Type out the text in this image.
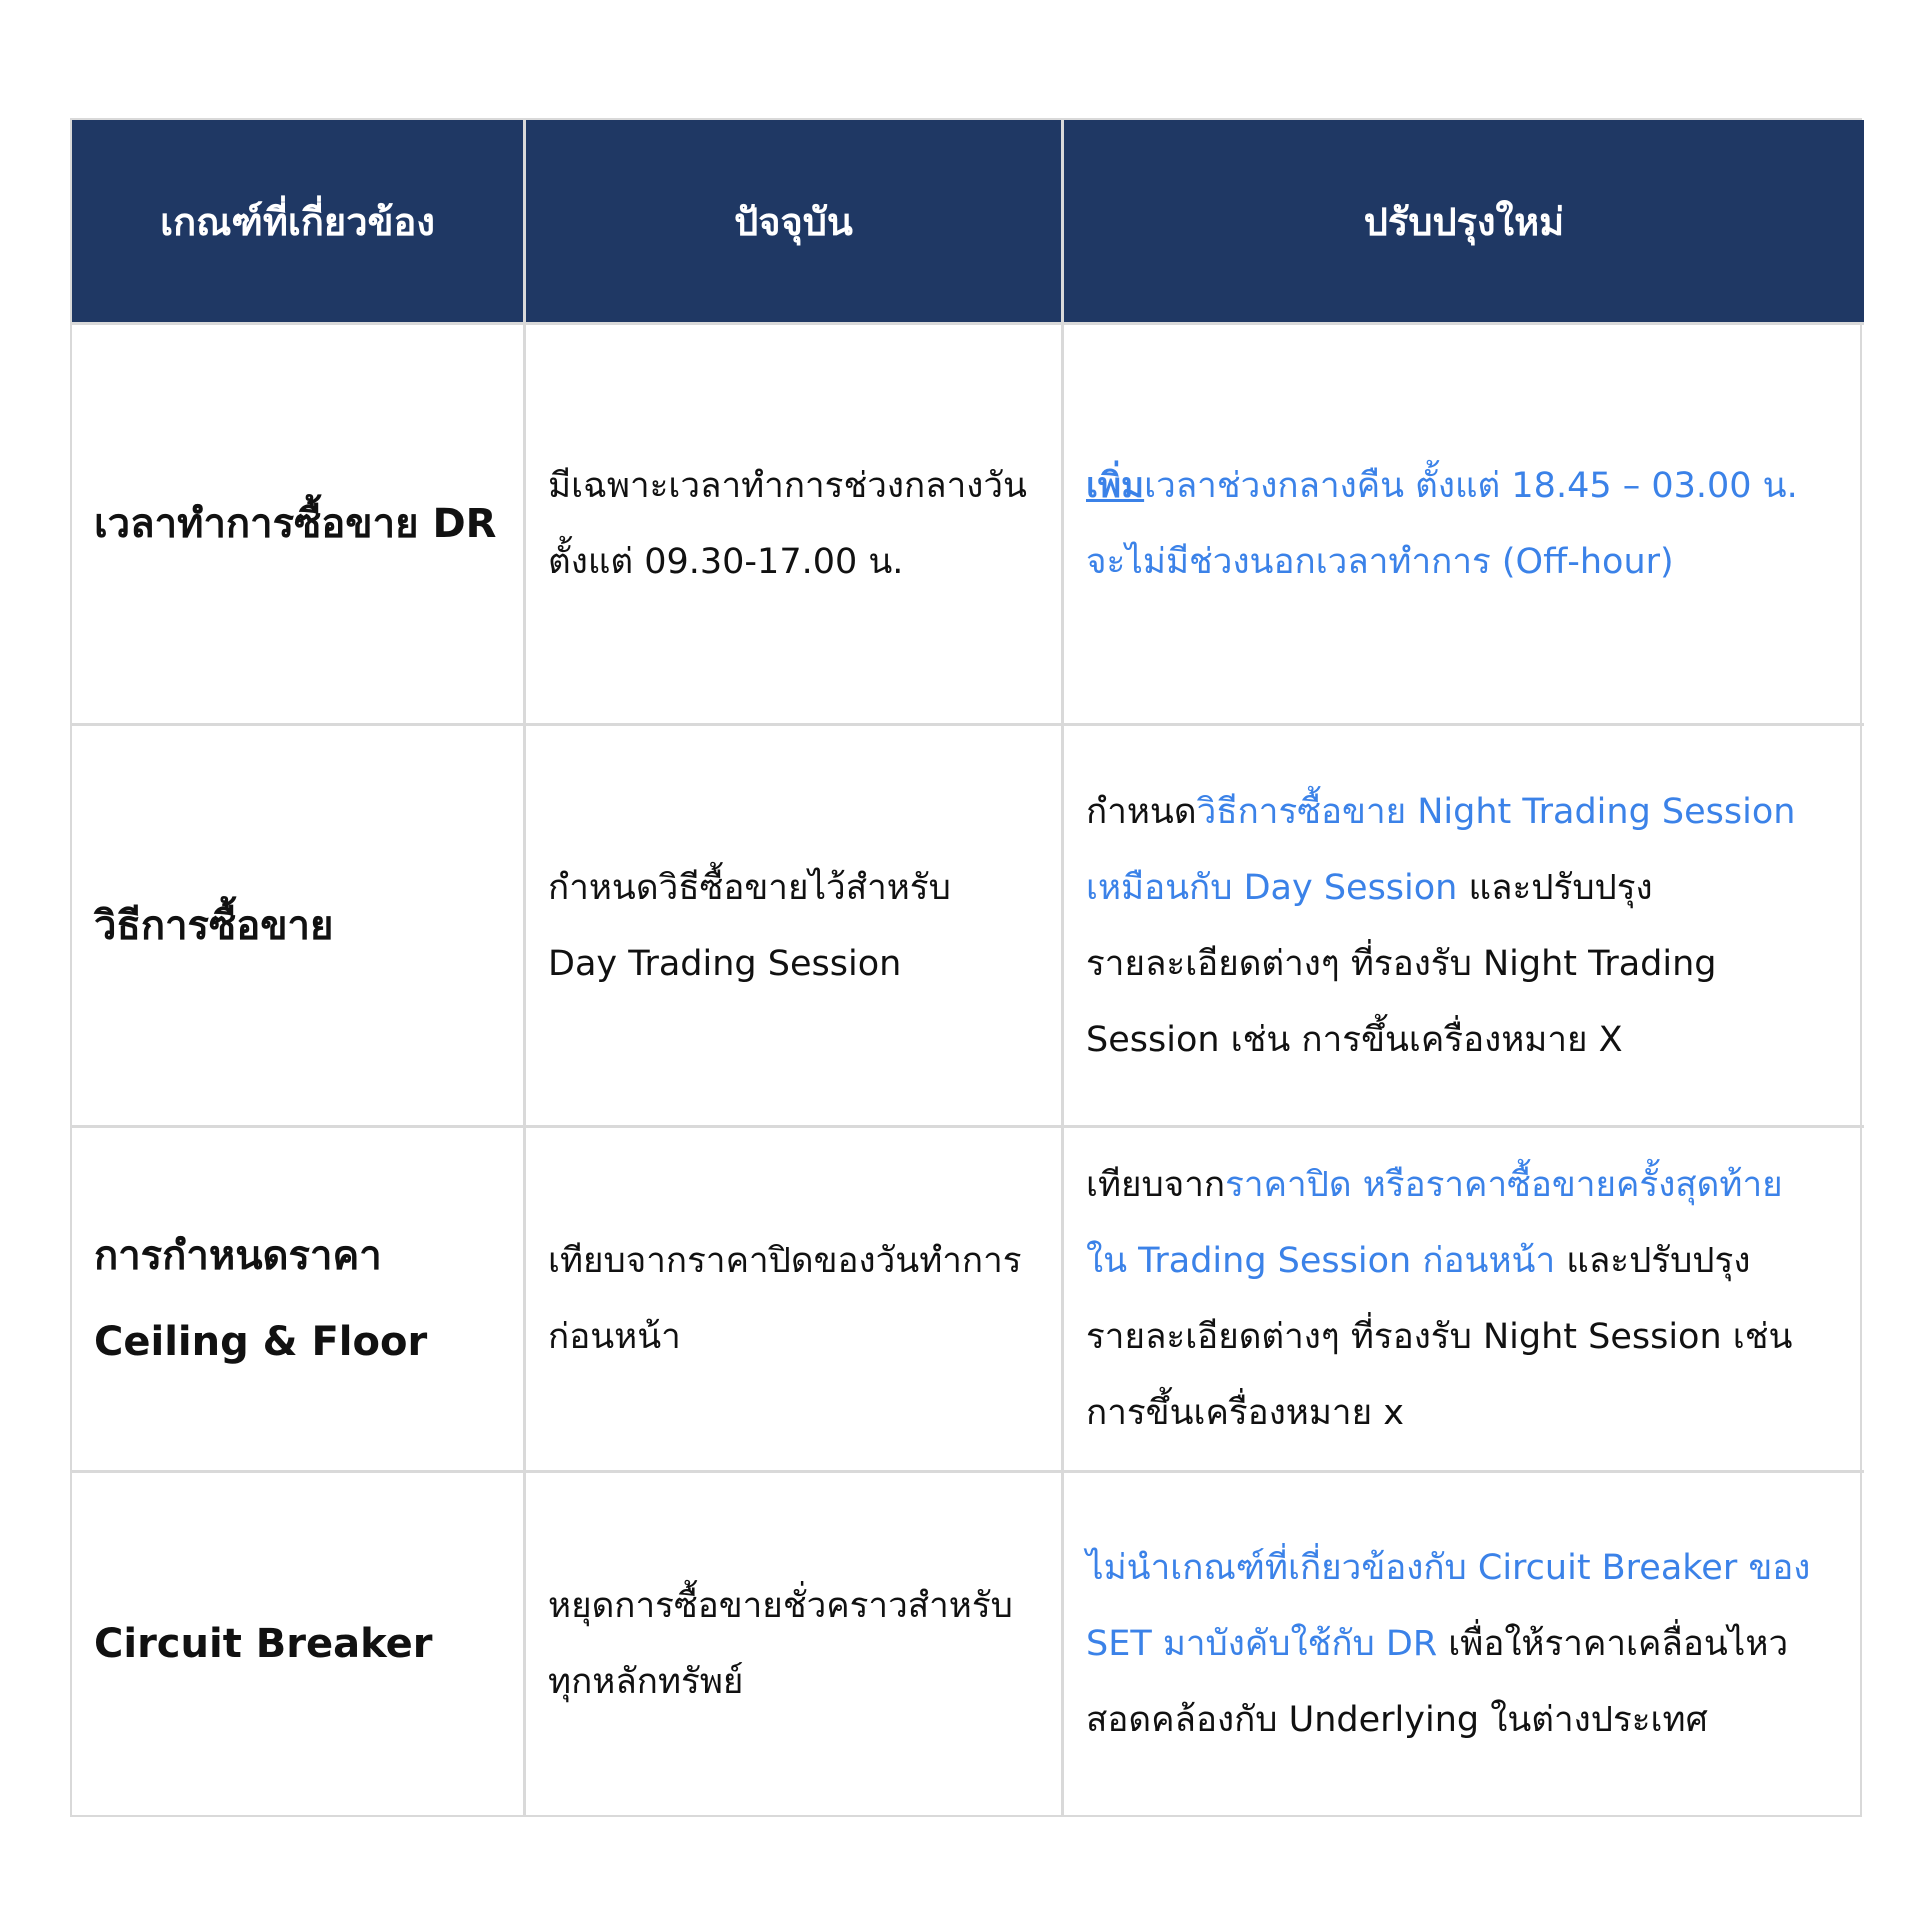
เกณฑ์ที่เกี่ยวข้อง	ปัจจุบัน	ปรับปรุงใหม่
เวลาทำการซื้อขาย DR
มีเฉพาะเวลาทำการช่วงกลางวัน
ตั้งแต่ 09.30-17.00 น.
เพิ่มเวลาช่วงกลางคืน ตั้งแต่ 18.45 – 03.00 น.
จะไม่มีช่วงนอกเวลาทำการ (Off-hour)
วิธีการซื้อขาย
กำหนดวิธีซื้อขายไว้สำหรับ
Day Trading Session
กำหนดวิธีการซื้อขาย Night Trading Session
เหมือนกับ Day Session และปรับปรุง
รายละเอียดต่างๆ ที่รองรับ Night Trading
Session เช่น การขึ้นเครื่องหมาย X
การกำหนดราคา
Ceiling & Floor
เทียบจากราคาปิดของวันทำการ
ก่อนหน้า
เทียบจากราคาปิด หรือราคาซื้อขายครั้งสุดท้าย
ใน Trading Session ก่อนหน้า และปรับปรุง
รายละเอียดต่างๆ ที่รองรับ Night Session เช่น
การขึ้นเครื่องหมาย x
Circuit Breaker
หยุดการซื้อขายชั่วคราวสำหรับ
ทุกหลักทรัพย์
ไม่นำเกณฑ์ที่เกี่ยวข้องกับ Circuit Breaker ของ
SET มาบังคับใช้กับ DR เพื่อให้ราคาเคลื่อนไหว
สอดคล้องกับ Underlying ในต่างประเทศ
